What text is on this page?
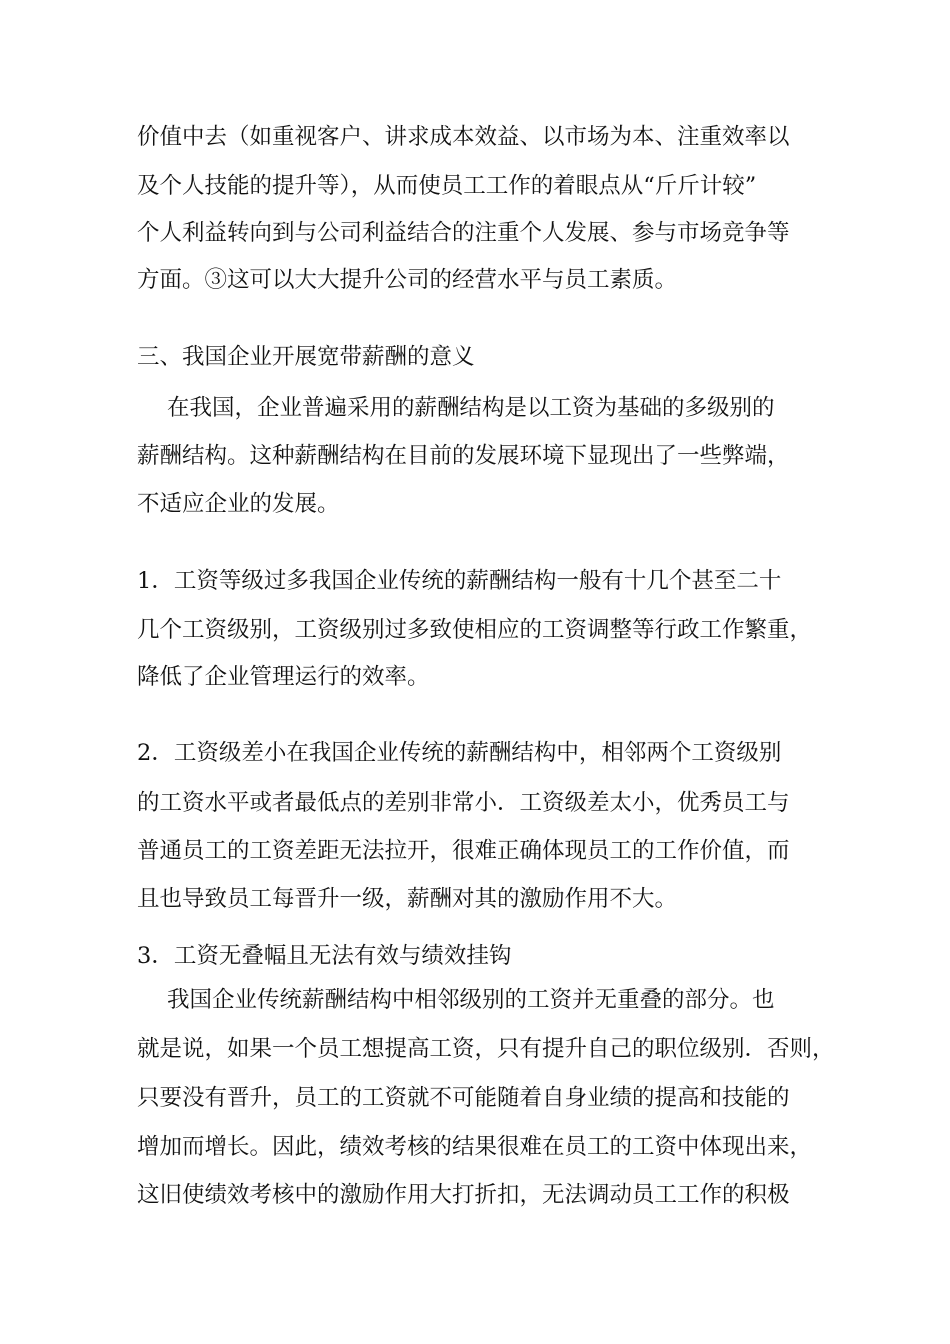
价值中去（如重视客户、讲求成本效益、以市场为本、注重效率以
及个人技能的提升等），从而使员工工作的着眼点从“斤斤计较”
个人利益转向到与公司利益结合的注重个人发展、参与市场竞争等
方面。③这可以大大提升公司的经营水平与员工素质。
三、我国企业开展宽带薪酬的意义
在我国，企业普遍采用的薪酬结构是以工资为基础的多级别的
薪酬结构。这种薪酬结构在目前的发展环境下显现出了一些弊端，
不适应企业的发展。
1．工资等级过多我国企业传统的薪酬结构一般有十几个甚至二十
几个工资级别，工资级别过多致使相应的工资调整等行政工作繁重，
降低了企业管理运行的效率。
2．工资级差小在我国企业传统的薪酬结构中，相邻两个工资级别
的工资水平或者最低点的差别非常小．工资级差太小，优秀员工与
普通员工的工资差距无法拉开，很难正确体现员工的工作价值，而
且也导致员工每晋升一级，薪酬对其的激励作用不大。
3．工资无叠幅且无法有效与绩效挂钩
我国企业传统薪酬结构中相邻级别的工资并无重叠的部分。也
就是说，如果一个员工想提高工资，只有提升自己的职位级别．否则，
只要没有晋升，员工的工资就不可能随着自身业绩的提高和技能的
增加而增长。因此，绩效考核的结果很难在员工的工资中体现出来，
这旧使绩效考核中的激励作用大打折扣，无法调动员工工作的积极
